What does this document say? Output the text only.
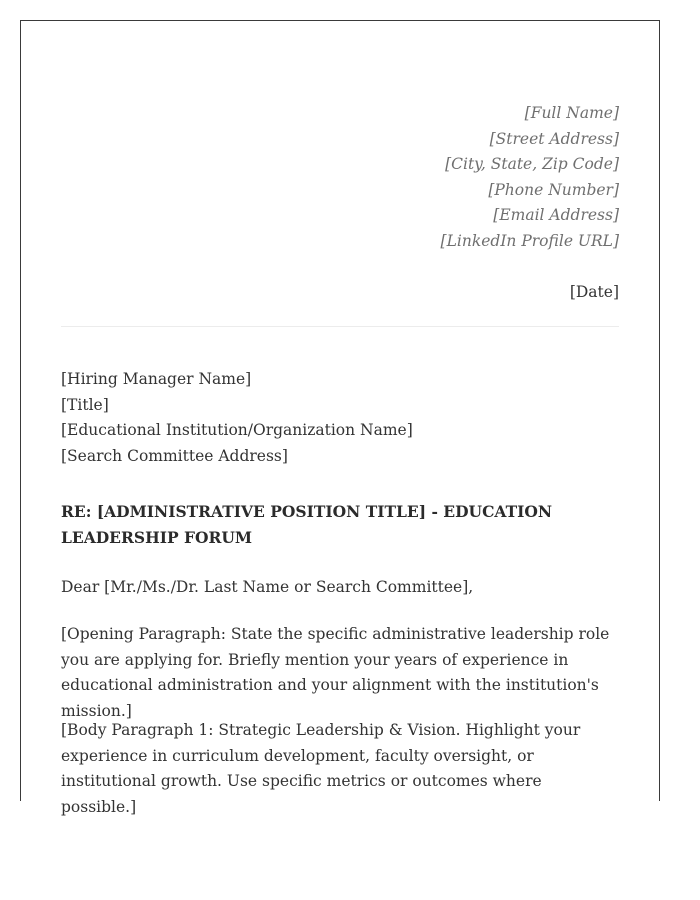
[Full Name]
[Street Address]
[City, State, Zip Code]
[Phone Number]
[Email Address]
[LinkedIn Profile URL]
[Date]
[Hiring Manager Name]
[Title]
[Educational Institution/Organization Name]
[Search Committee Address]
RE: [ADMINISTRATIVE POSITION TITLE] - EDUCATION LEADERSHIP FORUM
Dear [Mr./Ms./Dr. Last Name or Search Committee],
[Opening Paragraph: State the specific administrative leadership role you are applying for. Briefly mention your years of experience in educational administration and your alignment with the institution's mission.]
[Body Paragraph 1: Strategic Leadership & Vision. Highlight your experience in curriculum development, faculty oversight, or institutional growth. Use specific metrics or outcomes where possible.]
